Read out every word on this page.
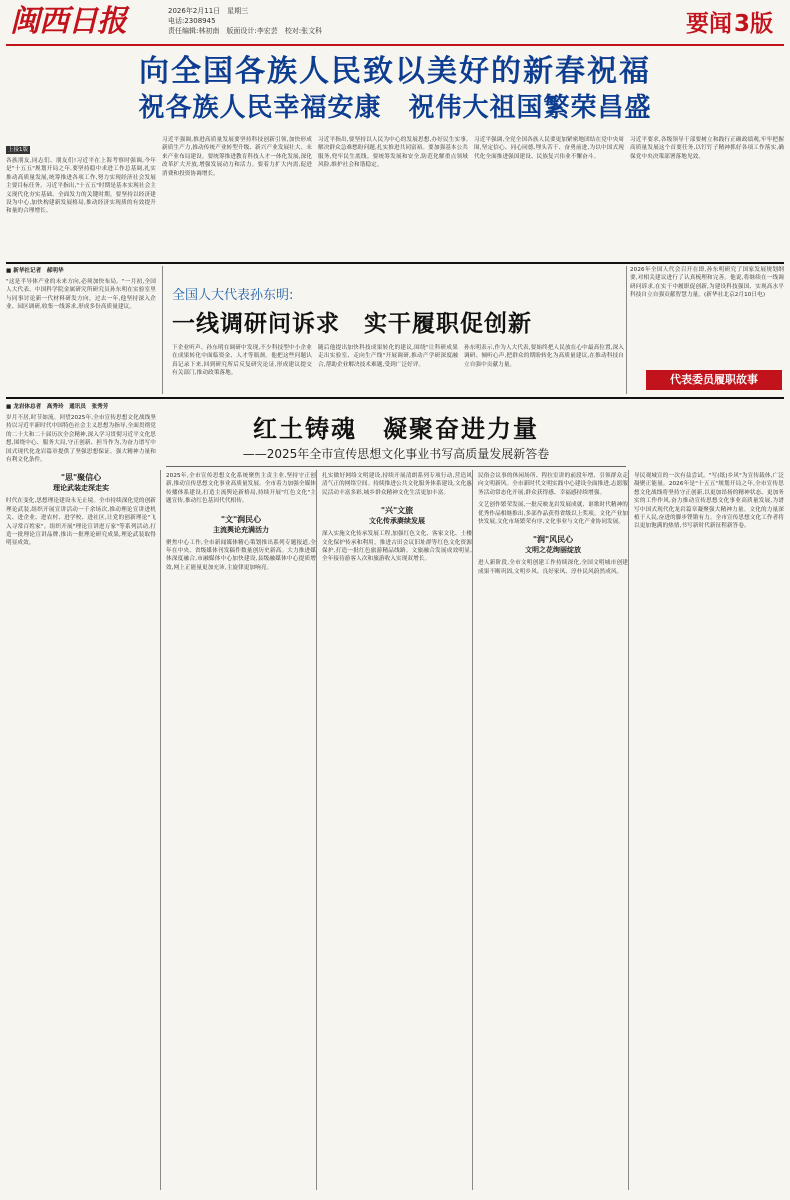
闽西日报	2026年2月11日　星期三
电话:2308945
责任编辑:林初南　版面设计:李宏芸　校对:张文科	要闻 3版
向全国各族人民致以美好的新春祝福
祝各族人民幸福安康　祝伟大祖国繁荣昌盛
上接1版
各族朋友,同志们、朋友们!习近平在上海考察时强调,今年是"十五五"规划开局之年,要坚持稳中求进工作总基调,扎实推动高质量发展,统筹推进各项工作,努力实现经济社会发展主要目标任务。习近平指出,"十五五"时期是基本实现社会主义现代化夯实基础、全面发力的关键时期。要坚持以经济建设为中心,加快构建新发展格局,推动经济实现质的有效提升和量的合理增长。
习近平强调,推进高质量发展要坚持科技创新引领,加快形成新质生产力,推动传统产业转型升级、新兴产业发展壮大、未来产业布局建设。要统筹推进教育科技人才一体化发展,深化改革扩大开放,增强发展动力和活力。要着力扩大内需,促进消费和投资协调增长。
习近平指出,要坚持以人民为中心的发展思想,办好民生实事,解决群众急难愁盼问题,扎实推进共同富裕。要加强基本公共服务,兜牢民生底线。要统筹发展和安全,防范化解重点领域风险,维护社会和谐稳定。
习近平强调,全党全国各族人民要更加紧密地团结在党中央周围,坚定信心、同心同德,埋头苦干、奋勇前进,为以中国式现代化全面推进强国建设、民族复兴伟业不懈奋斗。
习近平要求,各级领导干部要树立和践行正确政绩观,牢牢把握高质量发展这个首要任务,以钉钉子精神抓好各项工作落实,确保党中央决策部署落地见效。
■ 新华社记者　郝明华
"这是半导体产业的未来方向,必须加快布局。"一月初,全国人大代表、中国科学院金属研究所研究员孙东明在实验室里与同事讨论新一代材料研发方向。过去一年,他坚持深入企业、园区调研,收集一线诉求,形成多份高质量建议。
全国人大代表孙东明:
一线调研问诉求　实干履职促创新
下企业听声、孙东明在调研中发现,不少科技型中小企业在成果转化中面临资金、人才等瓶颈。他把这些问题认真记录下来,回到研究所后反复研究论证,形成建议提交有关部门,推动政策落地。
随后他提出加快科技成果转化的建议,围绕"让科研成果走出实验室、走向生产线"开展调研,推动产学研深度融合,帮助企业解决技术难题,受到广泛好评。
孙东明表示,作为人大代表,要始终把人民放在心中最高位置,深入调研、倾听心声,把群众的期盼转化为高质量建议,在推动科技自立自强中贡献力量。
2026年全国人代会召开在即,孙东明研究了国家发展规划纲要,对相关建议进行了认真梳理和完善。他说,将继续在一线调研问诉求,在实干中履职促创新,为建设科技强国、实现高水平科技自立自强贡献智慧力量。(新华社北京2月10日电)
代表委员履职故事
■ 龙岩体总者　高秀玲　通讯员　张秀芳
红土铸魂　凝聚奋进力量
——2025年全市宣传思想文化事业书写高质量发展新答卷
岁月不居,时节如流。回望2025年,全市宣传思想文化战线坚持以习近平新时代中国特色社会主义思想为指导,全面贯彻党的二十大和二十届历次全会精神,深入学习贯彻习近平文化思想,围绕中心、服务大局,守正创新、担当作为,为奋力谱写中国式现代化龙岩篇章提供了坚强思想保证、强大精神力量和有利文化条件。
"思"聚信心
理论武装走深走实
时代在变化,思想理论建设永无止境。全市持续深化党的创新理论武装,组织开展宣讲活动一千余场次,推动理论宣讲进机关、进企业、进农村、进学校、进社区,让党的创新理论"飞入寻常百姓家"。组织开展"理论宣讲进万家"等系列活动,打造一批理论宣讲品牌,推出一批理论研究成果,理论武装取得明显成效。
2025年,全市宣传思想文化系统聚焦主责主业,坚持守正创新,推动宣传思想文化事业高质量发展。全市着力加强全媒体传播体系建设,打造主流舆论新格局,持续开展"红色文化"主题宣传,推动红色基因代代相传。
"文"润民心
主流舆论充满活力
聚焦中心工作,全市新闻媒体精心策划推出系列专题报道,全年在中央、省级媒体刊发稿件数量创历史新高。大力推进媒体深度融合,市融媒体中心加快建设,县级融媒体中心提质增效,网上正能量更加充沛,主旋律更加响亮。
扎实做好网络文明建设,持续开展清朗系列专项行动,营造风清气正的网络空间。持续推进公共文化服务体系建设,文化惠民活动丰富多彩,城乡群众精神文化生活更加丰富。
"兴"文旅
文化传承赓续发展
深入实施文化传承发展工程,加强红色文化、客家文化、土楼文化保护传承和利用。推进古田会议旧址群等红色文化资源保护,打造一批红色旅游精品线路。文旅融合发展成效明显,全年接待游客人次和旅游收入实现双增长。
民俗会议事的休闲场所、程拉室讲的前段年增、引领群众走向文明新风。全市新时代文明实践中心建设全面推进,志愿服务活动常态化开展,群众获得感、幸福感持续增强。
文艺创作繁荣发展,一批反映龙岩发展成就、讴歌时代精神的优秀作品相继推出,多部作品获得省级以上奖项。文化产业加快发展,文化市场繁荣有序,文化事业与文化产业协同发展。
"润"风民心
文明之花绚丽绽放
进人新阶段,全市文明创建工作持续深化,全国文明城市创建成果不断巩固,文明乡风、良好家风、淳朴民风蔚然成风。
导民观城宣的一次有益尝试。"写(纸)乡风"为宣传载体,广泛凝聚正能量。2026年是"十五五"规划开局之年,全市宣传思想文化战线将坚持守正创新,以更加昂扬的精神状态、更加务实的工作作风,奋力推动宣传思想文化事业高质量发展,为谱写中国式现代化龙岩篇章凝聚强大精神力量。文化的力量深植于人民,奋进的脚步铿锵有力。全市宣传思想文化工作者将以更加饱满的热情,书写新时代新征程新答卷。
